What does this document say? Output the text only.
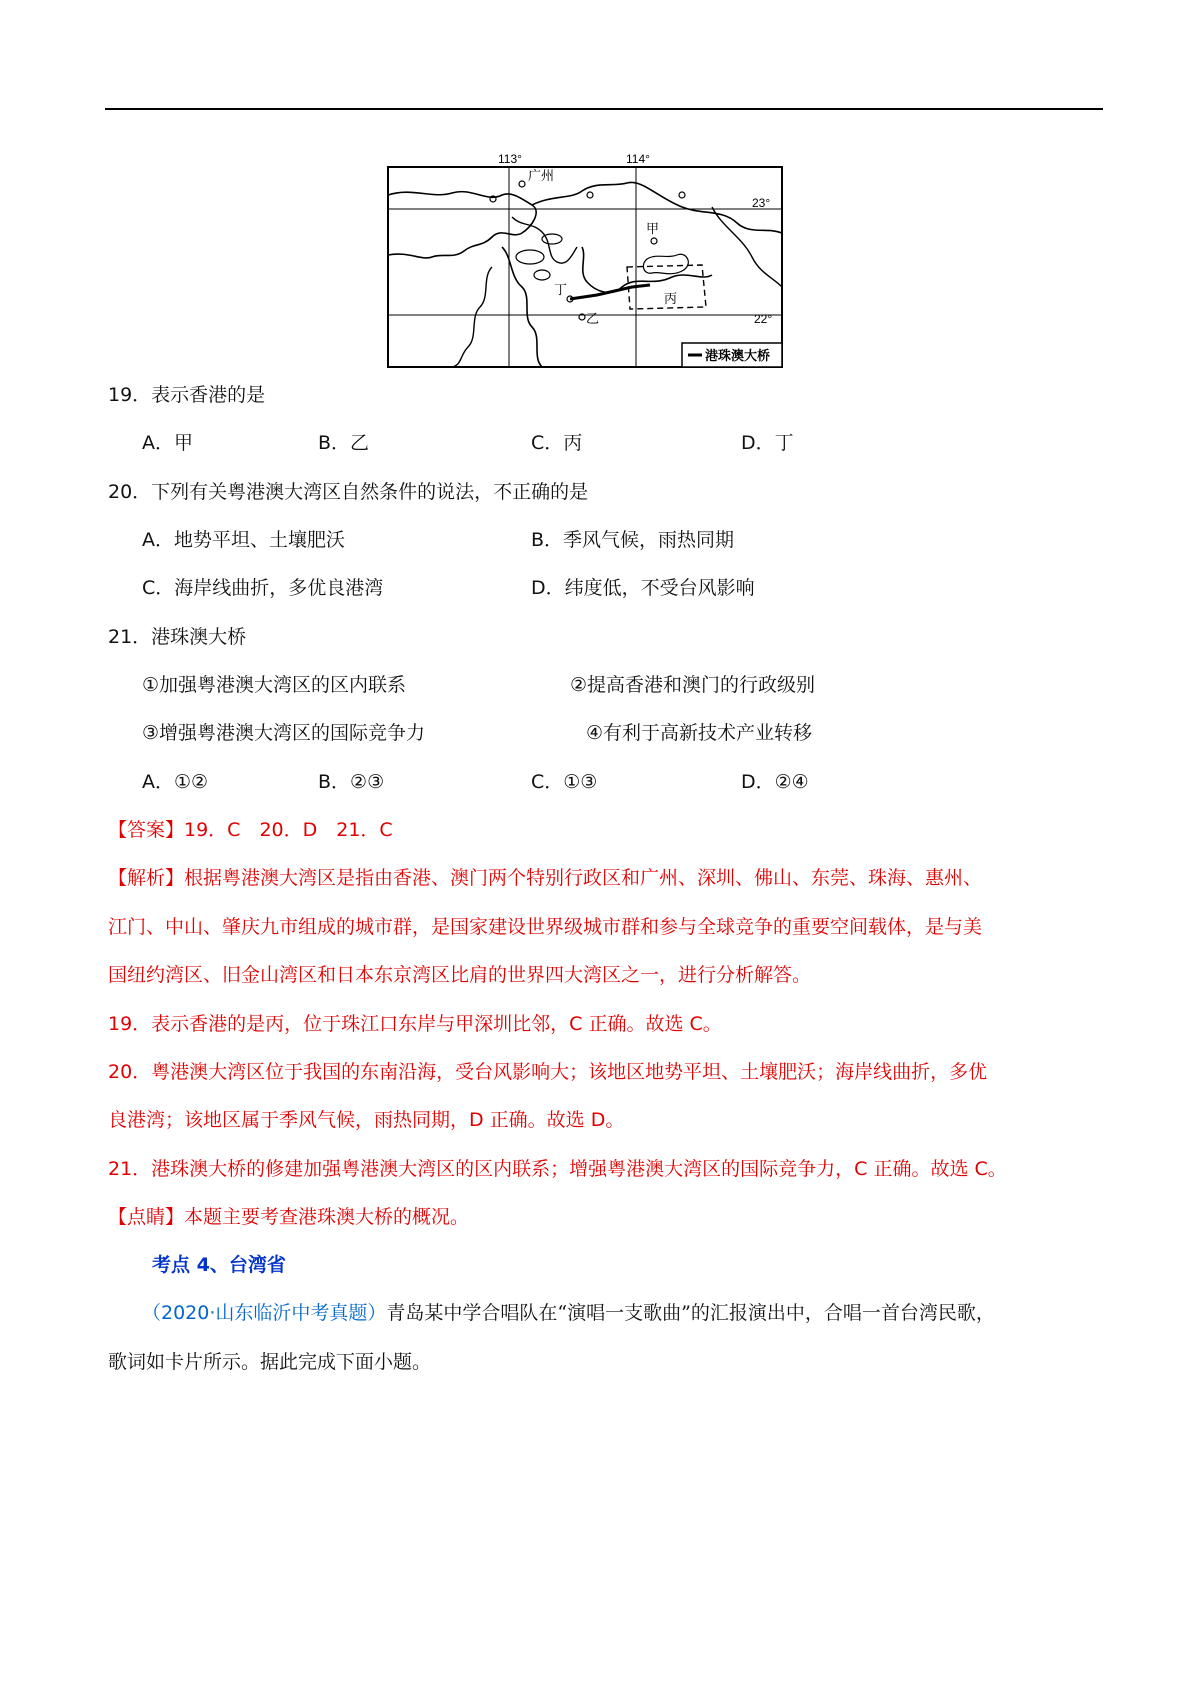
港珠澳大桥
113°	114°
23°
22°
广州
甲
乙
丙
丁
19．表示香港的是
A．甲	B．乙	C．丙	D．丁
20．下列有关粤港澳大湾区自然条件的说法，不正确的是
A．地势平坦、土壤肥沃	B．季风气候，雨热同期
C．海岸线曲折，多优良港湾	D．纬度低，不受台风影响
21．港珠澳大桥
①加强粤港澳大湾区的区内联系	②提高香港和澳门的行政级别
③增强粤港澳大湾区的国际竞争力	④有利于高新技术产业转移
A．①②	B．②③	C．①③	D．②④
【答案】19．C　20．D　21．C
【解析】根据粤港澳大湾区是指由香港、澳门两个特别行政区和广州、深圳、佛山、东莞、珠海、惠州、
江门、中山、肇庆九市组成的城市群，是国家建设世界级城市群和参与全球竞争的重要空间载体，是与美
国纽约湾区、旧金山湾区和日本东京湾区比肩的世界四大湾区之一，进行分析解答。
19．表示香港的是丙，位于珠江口东岸与甲深圳比邻，C 正确。故选 C。
20．粤港澳大湾区位于我国的东南沿海，受台风影响大；该地区地势平坦、土壤肥沃；海岸线曲折，多优
良港湾；该地区属于季风气候，雨热同期，D 正确。故选 D。
21．港珠澳大桥的修建加强粤港澳大湾区的区内联系；增强粤港澳大湾区的国际竞争力，C 正确。故选 C。
【点睛】本题主要考查港珠澳大桥的概况。
考点 4、台湾省
（2020·山东临沂中考真题）青岛某中学合唱队在“演唱一支歌曲”的汇报演出中，合唱一首台湾民歌，
歌词如卡片所示。据此完成下面小题。
